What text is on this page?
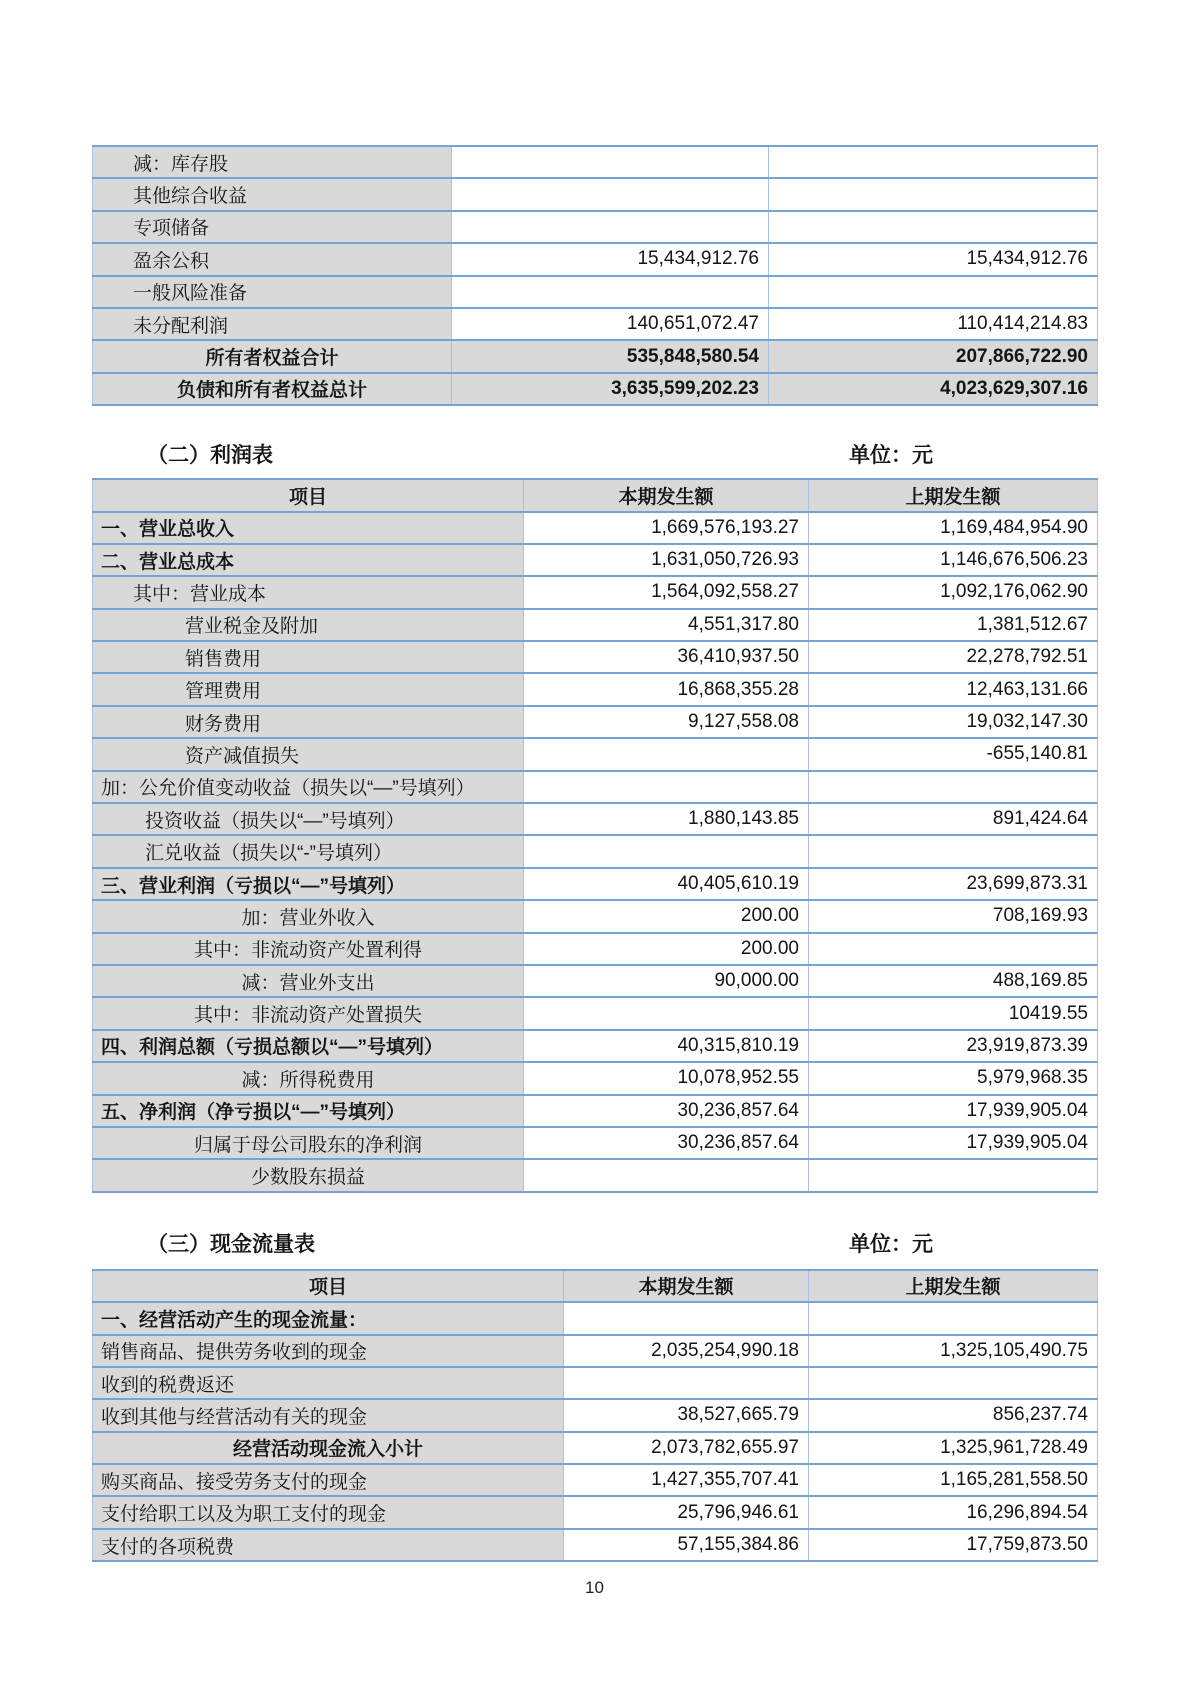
减：库存股		
其他综合收益		
专项储备		
盈余公积	15,434,912.76	15,434,912.76
一般风险准备		
未分配利润	140,651,072.47	110,414,214.83
所有者权益合计	535,848,580.54	207,866,722.90
负债和所有者权益总计	3,635,599,202.23	4,023,629,307.16
（二）利润表	单位：元
项目	本期发生额	上期发生额
一、营业总收入	1,669,576,193.27	1,169,484,954.90
二、营业总成本	1,631,050,726.93	1,146,676,506.23
其中：营业成本	1,564,092,558.27	1,092,176,062.90
营业税金及附加	4,551,317.80	1,381,512.67
销售费用	36,410,937.50	22,278,792.51
管理费用	16,868,355.28	12,463,131.66
财务费用	9,127,558.08	19,032,147.30
资产减值损失		-655,140.81
加：公允价值变动收益（损失以“—”号填列）		
投资收益（损失以“—”号填列）	1,880,143.85	891,424.64
汇兑收益（损失以“-”号填列）		
三、营业利润（亏损以“—”号填列）	40,405,610.19	23,699,873.31
加：营业外收入	200.00	708,169.93
其中：非流动资产处置利得	200.00	
减：营业外支出	90,000.00	488,169.85
其中：非流动资产处置损失		10419.55
四、利润总额（亏损总额以“—”号填列）	40,315,810.19	23,919,873.39
减：所得税费用	10,078,952.55	5,979,968.35
五、净利润（净亏损以“—”号填列）	30,236,857.64	17,939,905.04
归属于母公司股东的净利润	30,236,857.64	17,939,905.04
少数股东损益		
（三）现金流量表	单位：元
项目	本期发生额	上期发生额
一、经营活动产生的现金流量：		
销售商品、提供劳务收到的现金	2,035,254,990.18	1,325,105,490.75
收到的税费返还		
收到其他与经营活动有关的现金	38,527,665.79	856,237.74
经营活动现金流入小计	2,073,782,655.97	1,325,961,728.49
购买商品、接受劳务支付的现金	1,427,355,707.41	1,165,281,558.50
支付给职工以及为职工支付的现金	25,796,946.61	16,296,894.54
支付的各项税费	57,155,384.86	17,759,873.50
10
